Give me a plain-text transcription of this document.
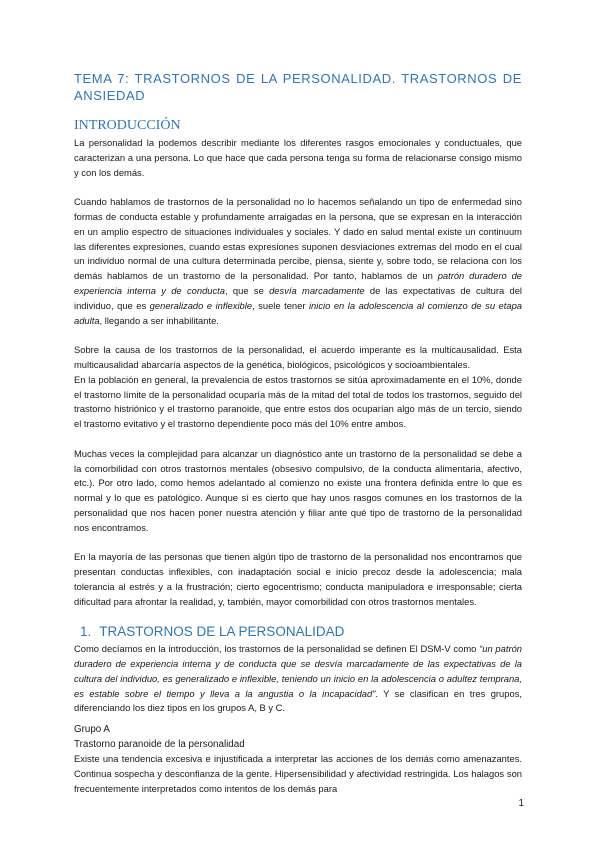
TEMA 7: TRASTORNOS DE LA PERSONALIDAD. TRASTORNOS DE ANSIEDAD
INTRODUCCIÓN

La personalidad la podemos describir mediante los diferentes rasgos emocionales y conductuales, que caracterizan a una persona. Lo que hace que cada persona tenga su forma de relacionarse consigo mismo y con los demás.

Cuando hablamos de trastornos de la personalidad no lo hacemos señalando un tipo de enfermedad sino formas de conducta estable y profundamente arraigadas en la persona, que se expresan en la interacción en un amplio espectro de situaciones individuales y sociales. Y dado en salud mental existe un continuum las diferentes expresiones, cuando estas expresiones suponen desviaciones extremas del modo en el cual un individuo normal de una cultura determinada percibe, piensa, siente y, sobre todo, se relaciona con los demás hablamos de un trastorno de la personalidad. Por tanto, hablamos de un patrón duradero de experiencia interna y de conducta, que se desvía marcadamente de las expectativas de cultura del individuo, que es generalizado e inflexible, suele tener inicio en la adolescencia al comienzo de su etapa adulta, llegando a ser inhabilitante.

Sobre la causa de los trastornos de la personalidad, el acuerdo imperante es la multicausalidad. Esta multicausalidad abarcaría aspectos de la genética, biológicos, psicológicos y socioambientales.

En la población en general, la prevalencia de estos trastornos se sitúa aproximadamente en el 10%, donde el trastorno límite de la personalidad ocuparía más de la mitad del total de todos los trastornos, seguido del trastorno histriónico y el trastorno paranoide, que entre estos dos ocuparían algo más de un tercio, siendo el trastorno evitativo y el trastorno dependiente poco más del 10% entre ambos.

Muchas veces la complejidad para alcanzar un diagnóstico ante un trastorno de la personalidad se debe a la comorbilidad con otros trastornos mentales (obsesivo compulsivo, de la conducta alimentaria, afectivo, etc.). Por otro lado, como hemos adelantado al comienzo no existe una frontera definida entre lo que es normal y lo que es patológico. Aunque sí es cierto que hay unos rasgos comunes en los trastornos de la personalidad que nos hacen poner nuestra atención y filiar ante qué tipo de trastorno de la personalidad nos encontramos.

En la mayoría de las personas que tienen algún tipo de trastorno de la personalidad nos encontramos que presentan conductas inflexibles, con inadaptación social e inicio precoz desde la adolescencia; mala tolerancia al estrés y a la frustración; cierto egocentrismo; conducta manipuladora e irresponsable; cierta dificultad para afrontar la realidad, y, también, mayor comorbilidad con otros trastornos mentales.

1. TRASTORNOS DE LA PERSONALIDAD

Como decíamos en la introducción, los trastornos de la personalidad se definen El DSM-V como “un patrón duradero de experiencia interna y de conducta que se desvía marcadamente de las expectativas de la cultura del individuo, es generalizado e inflexible, teniendo un inicio en la adolescencia o adultez temprana, es estable sobre el tiempo y lleva a la angustia o la incapacidad”. Y se clasifican en tres grupos, diferenciando los diez tipos en los grupos A, B y C.

Grupo A

Trastorno paranoide de la personalidad

Existe una tendencia excesiva e injustificada a interpretar las acciones de los demás como amenazantes. Continua sospecha y desconfianza de la gente. Hipersensibilidad y afectividad restringida. Los halagos son frecuentemente interpretados como intentos de los demás para

1
